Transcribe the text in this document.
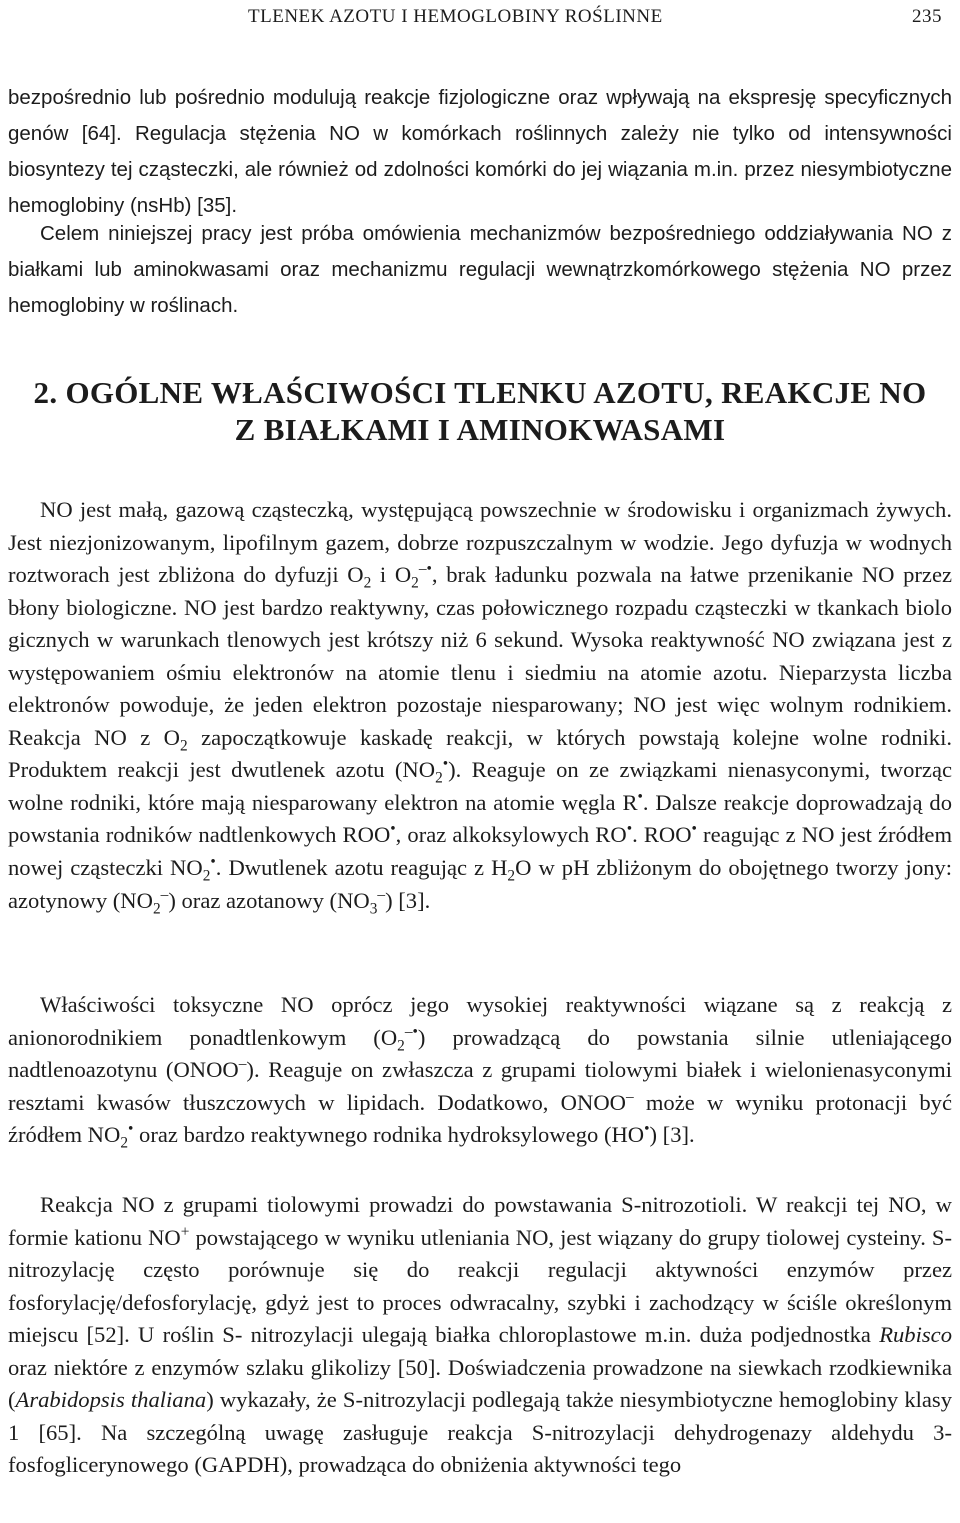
TLENEK AZOTU I HEMOGLOBINY ROŚLINNE	235
bezpośrednio lub pośrednio modulują reakcje fizjologiczne oraz wpływają na ekspresję specyficznych genów [64]. Regulacja stężenia NO w komórkach roślinnych zależy nie tylko od intensywności biosyntezy tej cząsteczki, ale również od zdolności komórki do jej wiązania m.in. przez niesymbiotyczne hemoglobiny (nsHb) [35].
Celem niniejszej pracy jest próba omówienia mechanizmów bezpośredniego oddziaływania NO z białkami lub aminokwasami oraz mechanizmu regulacji wewnątrzkomórkowego stężenia NO przez hemoglobiny w roślinach.
2. OGÓLNE WŁAŚCIWOŚCI TLENKU AZOTU, REAKCJE NO
Z BIAŁKAMI I AMINOKWASAMI
NO jest małą, gazową cząsteczką, występującą powszechnie w środowisku i organizmach żywych. Jest niezjonizowanym, lipofilnym gazem, dobrze rozpuszczalnym w wodzie. Jego dyfuzja w wodnych roztworach jest zbliżona do dyfuzji $O_2$ i $O_2^{-•}$, brak ładunku pozwala na łatwe przenikanie NO przez błony biologiczne. NO jest bardzo reaktywny, czas połowicznego rozpadu cząsteczki w tkankach biolo gicznych w warunkach tlenowych jest krótszy niż 6 sekund. Wysoka reaktywność NO związana jest z występowaniem ośmiu elektronów na atomie tlenu i siedmiu na atomie azotu. Nieparzysta liczba elektronów powoduje, że jeden elektron pozostaje niesparowany; NO jest więc wolnym rodnikiem. Reakcja NO z $O_2$ zapoczątkowuje kaskadę reakcji, w których powstają kolejne wolne rodniki. Produktem reakcji jest dwutlenek azotu $(NO_2^•)$. Reaguje on ze związkami nienasyconymi, tworząc wolne rodniki, które mają niesparowany elektron na atomie węgla R•. Dalsze reakcje doprowadzają do powstania rodników nadtlenkowych ROO•, oraz alkoksylowych RO•. ROO• reagując z NO jest źródłem nowej cząsteczki $NO_2^•$. Dwutlenek azotu reagując z $H_2O$ w pH zbliżonym do obojętnego tworzy jony: azotynowy $(NO_2^-)$ oraz azotanowy $(NO_3^-)$ [3].
Właściwości toksyczne NO oprócz jego wysokiej reaktywności wiązane są z reakcją z anionorodnikiem ponadtlenkowym $(O_2^{-•})$ prowadzącą do powstania silnie utleniającego nadtlenoazotynu (ONOO–). Reaguje on zwłaszcza z grupami tiolowymi białek i wielonienasyconymi resztami kwasów tłuszczowych w lipidach. Dodatkowo, ONOO– może w wyniku protonacji być źródłem $NO_2^•$ oraz bardzo reaktywnego rodnika hydroksylowego (HO•) [3].
Reakcja NO z grupami tiolowymi prowadzi do powstawania S-nitrozotioli. W reakcji tej NO, w formie kationu NO+ powstającego w wyniku utleniania NO, jest wiązany do grupy tiolowej cysteiny. S-nitrozylację często porównuje się do reakcji regulacji aktywności enzymów przez fosforylację/defosforylację, gdyż jest to proces odwracalny, szybki i zachodzący w ściśle określonym miejscu [52]. U roślin S- nitrozylacji ulegają białka chloroplastowe m.in. duża podjednostka Rubisco oraz niektóre z enzymów szlaku glikolizy [50]. Doświadczenia prowadzone na siewkach rzodkiewnika (Arabidopsis thaliana) wykazały, że S-nitrozylacji podlegają także niesymbiotyczne hemoglobiny klasy 1 [65]. Na szczególną uwagę zasługuje reakcja S-nitrozylacji dehydrogenazy aldehydu 3-fosfoglicerynowego (GAPDH), prowadząca do obniżenia aktywności tego
